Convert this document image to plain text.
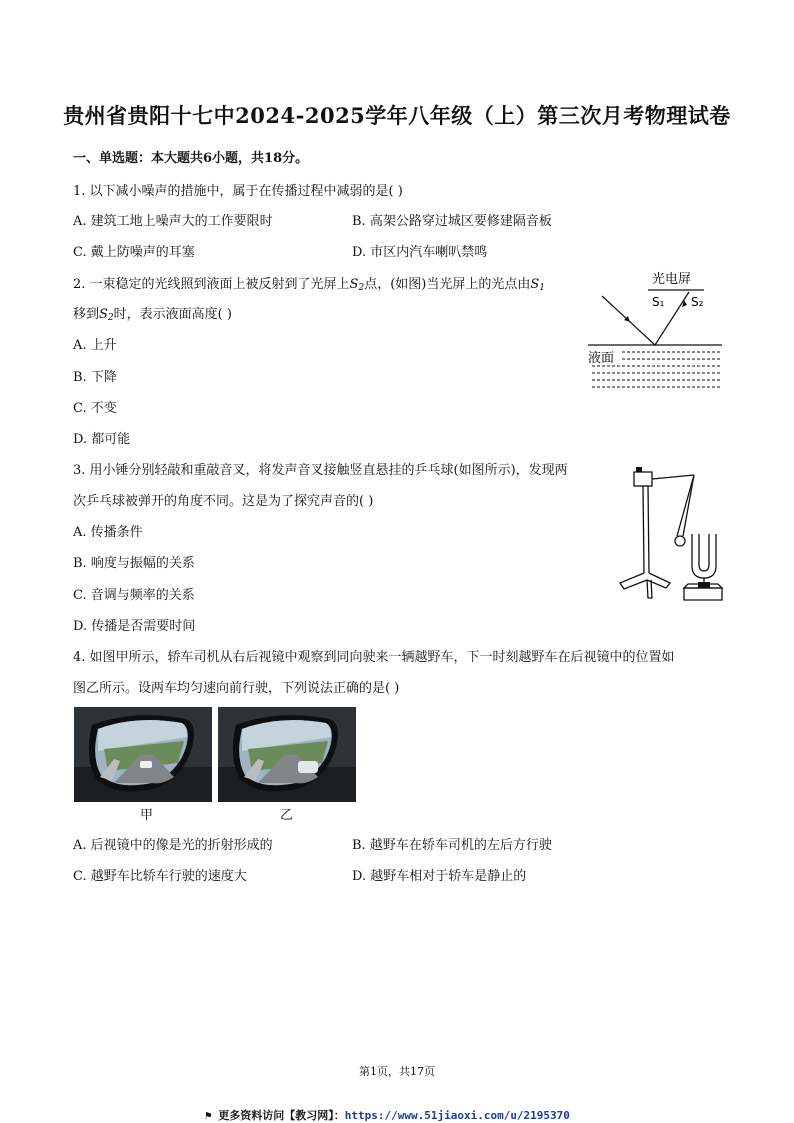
贵州省贵阳十七中2024-2025学年八年级（上）第三次月考物理试卷
一、单选题：本大题共6小题，共18分。
1. 以下减小噪声的措施中，属于在传播过程中减弱的是( )
A. 建筑工地上噪声大的工作要限时	B. 高架公路穿过城区要修建隔音板
C. 戴上防噪声的耳塞	D. 市区内汽车喇叭禁鸣
2. 一束稳定的光线照到液面上被反射到了光屏上$S_2$点，(如图)当光屏上的光点由$S_1$
移到$S_2$时，表示液面高度( )
A. 上升
B. 下降
C. 不变
D. 都可能
光电屏
S₁ S₂
液面
3. 用小锤分别轻敲和重敲音叉，将发声音叉接触竖直悬挂的乒乓球(如图所示)，发现两
次乒乓球被弹开的角度不同。这是为了探究声音的( )
A. 传播条件
B. 响度与振幅的关系
C. 音调与频率的关系
D. 传播是否需要时间
4. 如图甲所示，轿车司机从右后视镜中观察到同向驶来一辆越野车，下一时刻越野车在后视镜中的位置如
图乙所示。设两车均匀速向前行驶，下列说法正确的是( )
甲	乙
A. 后视镜中的像是光的折射形成的	B. 越野车在轿车司机的左后方行驶
C. 越野车比轿车行驶的速度大	D. 越野车相对于轿车是静止的
第1页，共17页
⚑ 更多资料访问【教习网】：https://www.51jiaoxi.com/u/2195370
